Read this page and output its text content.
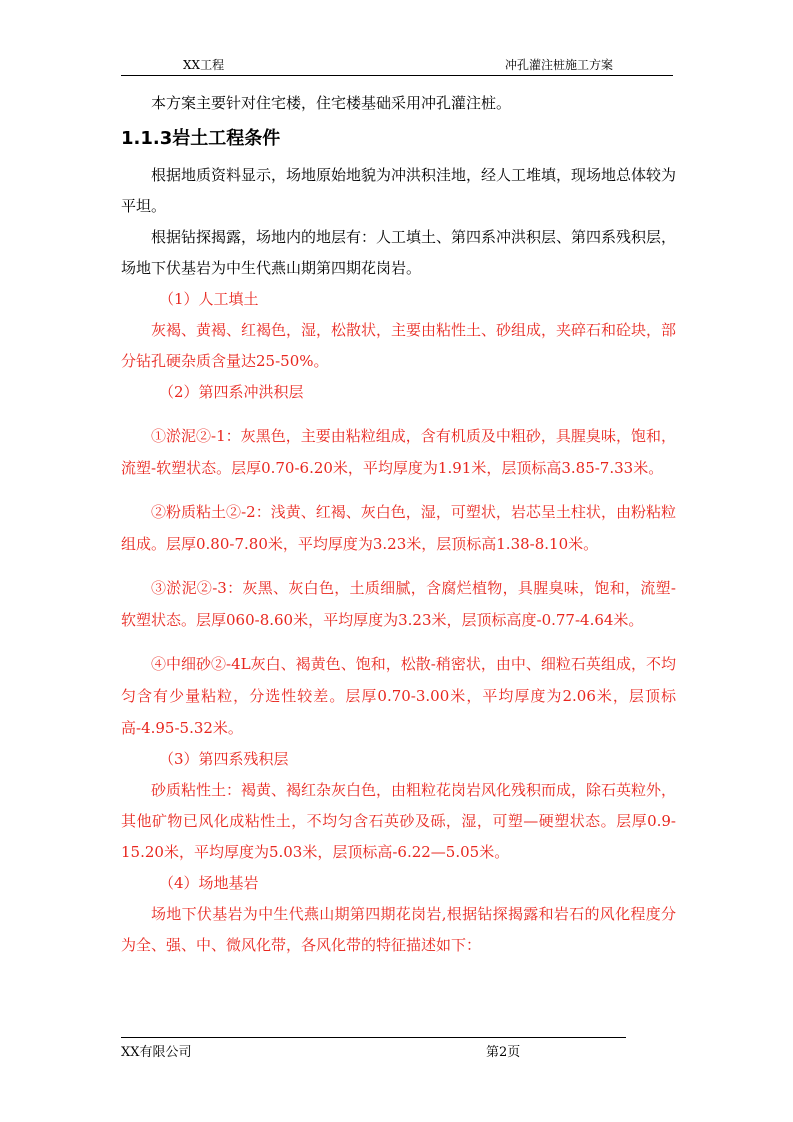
XX工程	冲孔灌注桩施工方案

本方案主要针对住宅楼，住宅楼基础采用冲孔灌注桩。

1.1.3岩土工程条件

根据地质资料显示，场地原始地貌为冲洪积洼地，经人工堆填，现场地总体较为平坦。

根据钻探揭露，场地内的地层有：人工填土、第四系冲洪积层、第四系残积层，场地下伏基岩为中生代燕山期第四期花岗岩。

（1）人工填土

灰褐、黄褐、红褐色，湿，松散状，主要由粘性土、砂组成，夹碎石和砼块，部分钻孔硬杂质含量达25-50%。

（2）第四系冲洪积层

①淤泥②-1：灰黑色，主要由粘粒组成，含有机质及中粗砂，具腥臭味，饱和，流塑-软塑状态。层厚0.70-6.20米，平均厚度为1.91米，层顶标高3.85-7.33米。

②粉质粘土②-2：浅黄、红褐、灰白色，湿，可塑状，岩芯呈土柱状，由粉粘粒组成。层厚0.80-7.80米，平均厚度为3.23米，层顶标高1.38-8.10米。

③淤泥②-3：灰黑、灰白色，土质细腻，含腐烂植物，具腥臭味，饱和，流塑-软塑状态。层厚060-8.60米，平均厚度为3.23米，层顶标高度-0.77-4.64米。

④中细砂②-4L灰白、褐黄色、饱和，松散-稍密状，由中、细粒石英组成，不均匀含有少量粘粒，分选性较差。层厚0.70-3.00米，平均厚度为2.06米，层顶标高-4.95-5.32米。

（3）第四系残积层

砂质粘性土：褐黄、褐红杂灰白色，由粗粒花岗岩风化残积而成，除石英粒外，其他矿物已风化成粘性土，不均匀含石英砂及砾，湿，可塑—硬塑状态。层厚0.9-15.20米，平均厚度为5.03米，层顶标高-6.22—5.05米。

（4）场地基岩

场地下伏基岩为中生代燕山期第四期花岗岩,根据钻探揭露和岩石的风化程度分为全、强、中、微风化带，各风化带的特征描述如下：

XX有限公司	第2页
